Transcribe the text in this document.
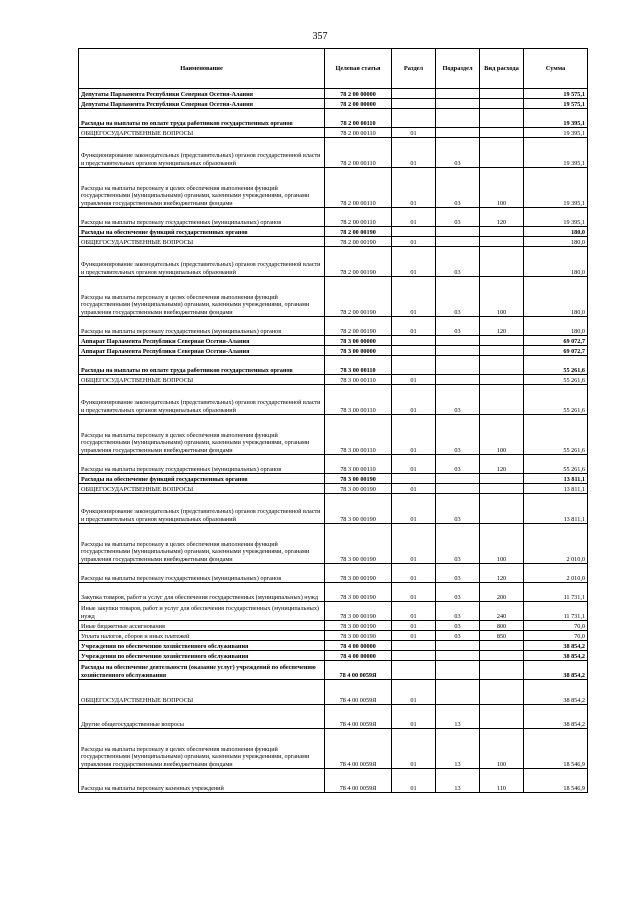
357
Наименование	Целевая статья	Раздел	Подраздел	Вид расхода	Сумма
Депутаты Парламента Республики Северная Осетия-Алания	78 2 00 00000				19 575,1
Депутаты Парламента Республики Северная Осетия-Алания	78 2 00 00000				19 575,1
Расходы на выплаты по оплате труда работников государственных органов	78 2 00 00110				19 395,1
ОБЩЕГОСУДАРСТВЕННЫЕ ВОПРОСЫ	78 2 00 00110	01			19 395,1
Функционирование законодательных (представительных) органов государственной власти и представительных органов муниципальных образований	78 2 00 00110	01	03		19 395,1
Расходы на выплаты персоналу в целях обеспечения выполнения функций государственными (муниципальными) органами, казенными учреждениями, органами управления государственными внебюджетными фондами	78 2 00 00110	01	03	100	19 395,1
Расходы на выплаты персоналу государственных (муниципальных) органов	78 2 00 00110	01	03	120	19 395,1
Расходы на обеспечение функций государственных органов	78 2 00 00190				180,0
ОБЩЕГОСУДАРСТВЕННЫЕ ВОПРОСЫ	78 2 00 00190	01			180,0
Функционирование законодательных (представительных) органов государственной власти и представительных органов муниципальных образований	78 2 00 00190	01	03		180,0
Расходы на выплаты персоналу в целях обеспечения выполнения функций государственными (муниципальными) органами, казенными учреждениями, органами управления государственными внебюджетными фондами	78 2 00 00190	01	03	100	180,0
Расходы на выплаты персоналу государственных (муниципальных) органов	78 2 00 00190	01	03	120	180,0
Аппарат Парламента Республики Северная Осетия-Алания	78 3 00 00000				69 072,7
Аппарат Парламента Республики Северная Осетия-Алания	78 3 00 00000				69 072,7
Расходы на выплаты по оплате труда работников государственных органов	78 3 00 00110				55 261,6
ОБЩЕГОСУДАРСТВЕННЫЕ ВОПРОСЫ	78 3 00 00110	01			55 261,6
Функционирование законодательных (представительных) органов государственной власти и представительных органов муниципальных образований	78 3 00 00110	01	03		55 261,6
Расходы на выплаты персоналу в целях обеспечения выполнения функций государственными (муниципальными) органами, казенными учреждениями, органами управления государственными внебюджетными фондами	78 3 00 00110	01	03	100	55 261,6
Расходы на выплаты персоналу государственных (муниципальных) органов	78 3 00 00110	01	03	120	55 261,6
Расходы на обеспечение функций государственных органов	78 3 00 00190				13 811,1
ОБЩЕГОСУДАРСТВЕННЫЕ ВОПРОСЫ	78 3 00 00190	01			13 811,1
Функционирование законодательных (представительных) органов государственной власти и представительных органов муниципальных образований	78 3 00 00190	01	03		13 811,1
Расходы на выплаты персоналу в целях обеспечения выполнения функций государственными (муниципальными) органами, казенными учреждениями, органами управления государственными внебюджетными фондами	78 3 00 00190	01	03	100	2 010,0
Расходы на выплаты персоналу государственных (муниципальных) органов	78 3 00 00190	01	03	120	2 010,0
Закупка товаров, работ и услуг для обеспечения государственных (муниципальных) нужд	78 3 00 00190	01	03	200	11 731,1
Иные закупки товаров, работ и услуг для обеспечения государственных (муниципальных) нужд	78 3 00 00190	01	03	240	11 731,1
Иные бюджетные ассигнования	78 3 00 00190	01	03	800	70,0
Уплата налогов, сборов и иных платежей	78 3 00 00190	01	03	850	70,0
Учреждения по обеспечению хозяйственного обслуживания	78 4 00 00000				38 854,2
Учреждения по обеспечению хозяйственного обслуживания	78 4 00 00000				38 854,2
Расходы на обеспечение деятельности (оказание услуг) учреждений по обеспечению хозяйственного обслуживания	78 4 00 0059Я				38 854,2
ОБЩЕГОСУДАРСТВЕННЫЕ ВОПРОСЫ	78 4 00 0059Я	01			38 854,2
Другие общегосударственные вопросы	78 4 00 0059Я	01	13		38 854,2
Расходы на выплаты персоналу в целях обеспечения выполнения функций государственными (муниципальными) органами, казенными учреждениями, органами управления государственными внебюджетными фондами	78 4 00 0059Я	01	13	100	18 546,9
Расходы на выплаты персоналу казенных учреждений	78 4 00 0059Я	01	13	110	18 546,9
